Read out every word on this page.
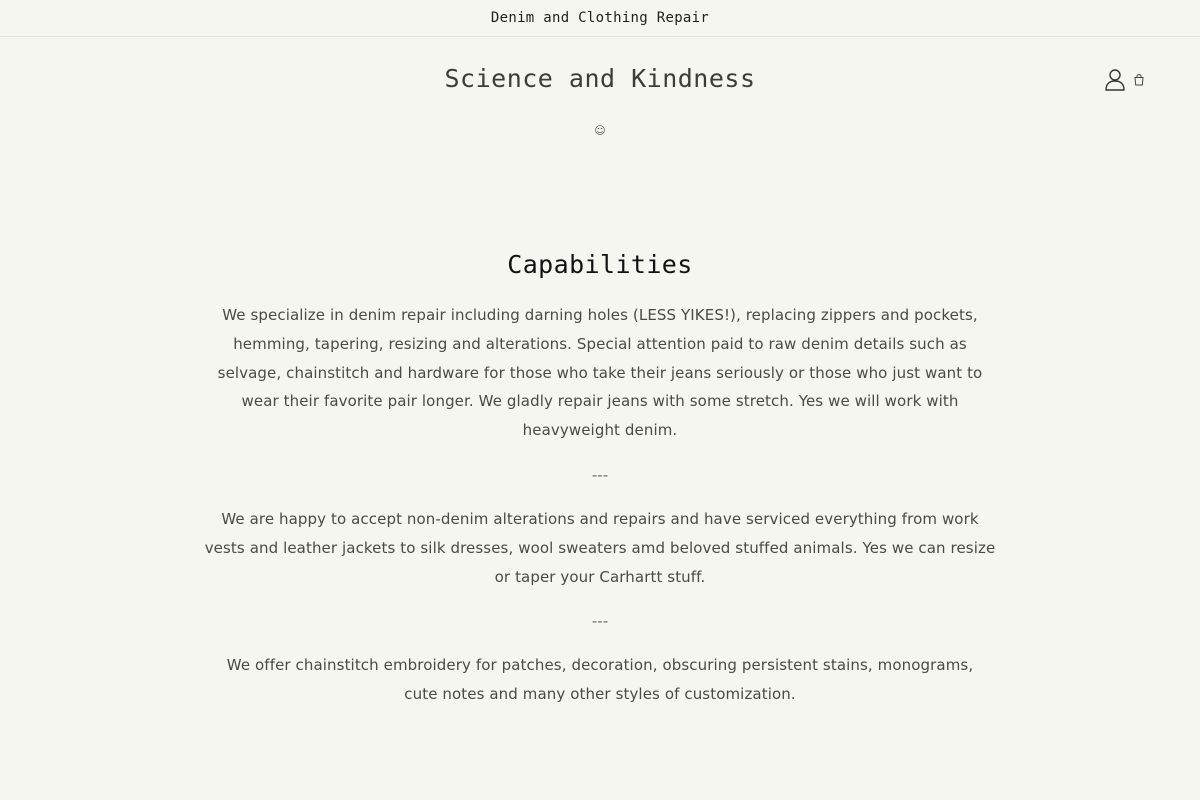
Denim and Clothing Repair
Science and Kindness
☺
Capabilities

We specialize in denim repair including darning holes (LESS YIKES!), replacing zippers and pockets, hemming, tapering, resizing and alterations. Special attention paid to raw denim details such as selvage, chainstitch and hardware for those who take their jeans seriously or those who just want to wear their favorite pair longer. We gladly repair jeans with some stretch. Yes we will work with heavyweight denim.

---

We are happy to accept non-denim alterations and repairs and have serviced everything from work vests and leather jackets to silk dresses, wool sweaters amd beloved stuffed animals. Yes we can resize or taper your Carhartt stuff.

---

We offer chainstitch embroidery for patches, decoration, obscuring persistent stains, monograms, cute notes and many other styles of customization.
